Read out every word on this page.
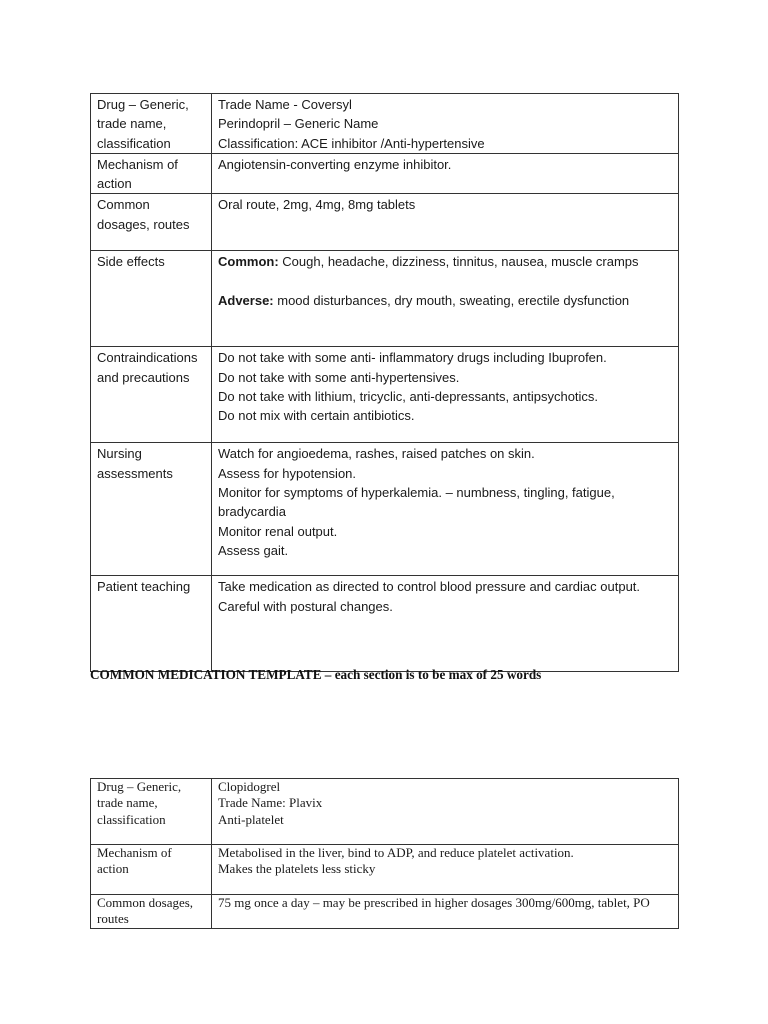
Drug – Generic, trade name, classification	Trade Name - Coversyl
Perindopril – Generic Name
Classification: ACE inhibitor /Anti-hypertensive

Mechanism of action	Angiotensin-converting enzyme inhibitor.

Common dosages, routes	Oral route, 2mg, 4mg, 8mg tablets

Side effects	Common: Cough, headache, dizziness, tinnitus, nausea, muscle cramps
Adverse: mood disturbances, dry mouth, sweating, erectile dysfunction

Contraindications and precautions	Do not take with some anti- inflammatory drugs including Ibuprofen.
Do not take with some anti-hypertensives.
Do not take with lithium, tricyclic, anti-depressants, antipsychotics.
Do not mix with certain antibiotics.

Nursing assessments	Watch for angioedema, rashes, raised patches on skin.
Assess for hypotension.
Monitor for symptoms of hyperkalemia. – numbness, tingling, fatigue, bradycardia
Monitor renal output.
Assess gait.

Patient teaching	Take medication as directed to control blood pressure and cardiac output.
Careful with postural changes.
COMMON MEDICATION TEMPLATE – each section is to be max of 25 words
Drug – Generic, trade name, classification	Clopidogrel
Trade Name: Plavix
Anti-platelet

Mechanism of action	Metabolised in the liver, bind to ADP, and reduce platelet activation.
Makes the platelets less sticky

Common dosages, routes	75 mg once a day – may be prescribed in higher dosages 300mg/600mg, tablet, PO
